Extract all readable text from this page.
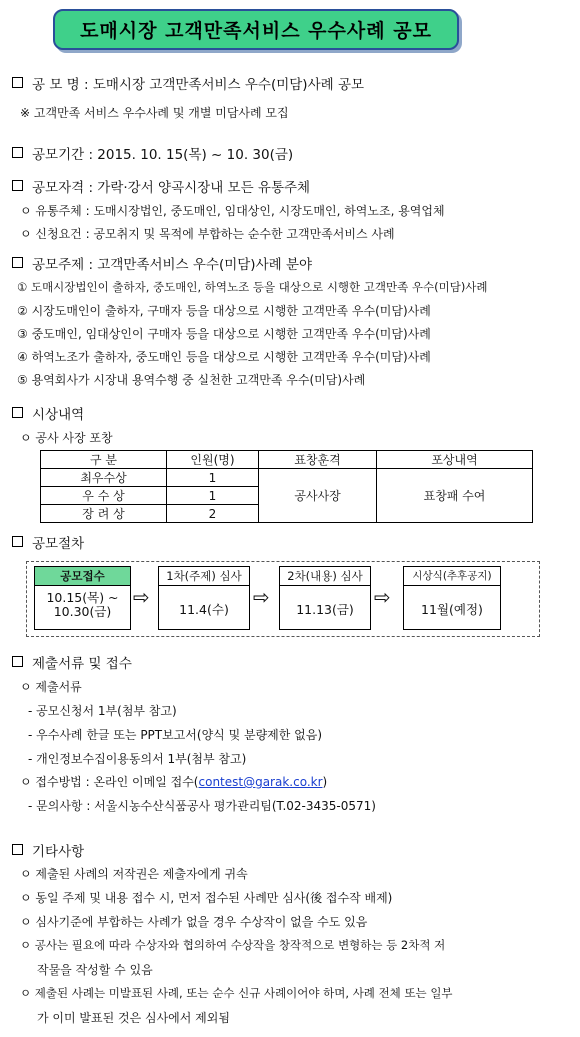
도매시장 고객만족서비스 우수사례 공모
공 모 명 : 도매시장 고객만족서비스 우수(미담)사례 공모
※ 고객만족 서비스 우수사례 및 개별 미담사례 모집
공모기간 : 2015. 10. 15(목) ~ 10. 30(금)
공모자격 : 가락·강서 양곡시장내 모든 유통주체
ㅇ 유통주체 : 도매시장법인, 중도매인, 임대상인, 시장도매인, 하역노조, 용역업체
ㅇ 신청요건 : 공모취지 및 목적에 부합하는 순수한 고객만족서비스 사례
공모주제 : 고객만족서비스 우수(미담)사례 분야
① 도매시장법인이 출하자, 중도매인, 하역노조 등을 대상으로 시행한 고객만족 우수(미담)사례
② 시장도매인이 출하자, 구매자 등을 대상으로 시행한 고객만족 우수(미담)사례
③ 중도매인, 임대상인이 구매자 등을 대상으로 시행한 고객만족 우수(미담)사례
④ 하역노조가 출하자, 중도매인 등을 대상으로 시행한 고객만족 우수(미담)사례
⑤ 용역회사가 시장내 용역수행 중 실천한 고객만족 우수(미담)사례
시상내역
ㅇ 공사 사장 포창
구 분	인원(명)	표창훈격	포상내역
최우수상	1	공사사장	표창패 수여
우 수 상	1		
장 려 상	2		
공모절차
공모접수
10.15(목) ~
10.30(금)
⇨
1차(주제) 심사
11.4(수)
⇨
2차(내용) 심사
11.13(금)
⇨
시상식(추후공지)
11월(예정)
제출서류 및 접수
ㅇ 제출서류
- 공모신청서 1부(첨부 참고)
- 우수사례 한글 또는 PPT보고서(양식 및 분량제한 없음)
- 개인정보수집이용동의서 1부(첨부 참고)
ㅇ 접수방법 : 온라인 이메일 접수(contest@garak.co.kr)
- 문의사항 : 서울시농수산식품공사 평가관리팀(T.02-3435-0571)
기타사항
ㅇ 제출된 사례의 저작권은 제출자에게 귀속
ㅇ 동일 주제 및 내용 접수 시, 먼저 접수된 사례만 심사(後 접수작 배제)
ㅇ 심사기준에 부합하는 사례가 없을 경우 수상작이 없을 수도 있음
ㅇ 공사는 필요에 따라 수상자와 협의하여 수상작을 창작적으로 변형하는 등 2차적 저
작물을 작성할 수 있음
ㅇ 제출된 사례는 미발표된 사례, 또는 순수 신규 사례이어야 하며, 사례 전체 또는 일부
가 이미 발표된 것은 심사에서 제외됨
